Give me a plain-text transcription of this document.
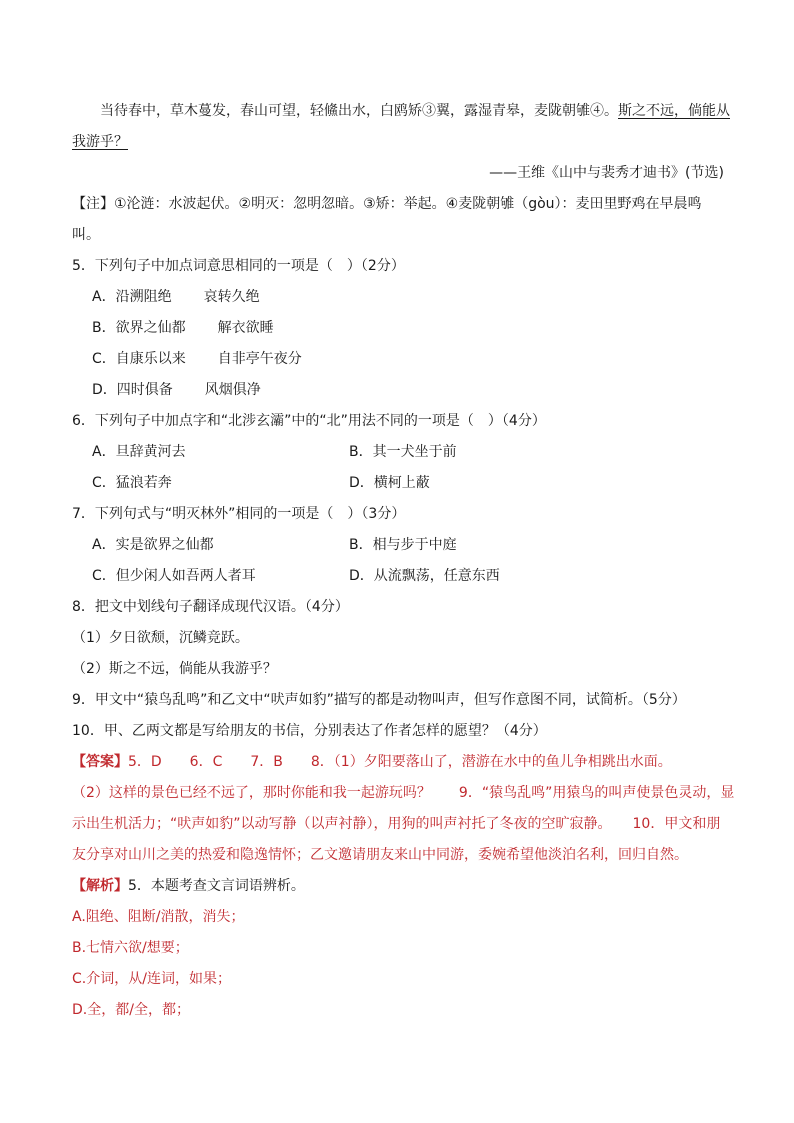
当待春中，草木蔓发，春山可望，轻鯈出水，白鸥矫③翼，露湿青皋，麦陇朝雊④。斯之不远，倘能从
我游乎？
——王维《山中与裴秀才迪书》(节选)
【注】①沦涟：水波起伏。②明灭：忽明忽暗。③矫：举起。④麦陇朝雊（gòu）：麦田里野鸡在早晨鸣
叫。
5．下列句子中加点词意思相同的一项是（　）（2分）
A．沿溯阻绝 哀转久绝
B．欲界之仙都 解衣欲睡
C．自康乐以来 自非亭午夜分
D．四时俱备 风烟俱净
6．下列句子中加点字和“北涉玄灞”中的“北”用法不同的一项是（　）（4分）
A．旦辞黄河去	B．其一犬坐于前
C．猛浪若奔	D．横柯上蔽
7．下列句式与“明灭林外”相同的一项是（　）（3分）
A．实是欲界之仙都	B．相与步于中庭
C．但少闲人如吾两人者耳	D．从流飘荡，任意东西
8．把文中划线句子翻译成现代汉语。（4分）
（1）夕日欲颓，沉鳞竞跃。
（2）斯之不远，倘能从我游乎？
9．甲文中“猿鸟乱鸣”和乙文中“吠声如豹”描写的都是动物叫声，但写作意图不同，试简析。（5分）
10．甲、乙两文都是写给朋友的书信，分别表达了作者怎样的愿望？（4分）
【答案】5．D　　6．C　　7．B　　8．（1）夕阳要落山了，潜游在水中的鱼儿争相跳出水面。
（2）这样的景色已经不远了，那时你能和我一起游玩吗？　　9．“猿鸟乱鸣”用猿鸟的叫声使景色灵动，显
示出生机活力；“吠声如豹”以动写静（以声衬静），用狗的叫声衬托了冬夜的空旷寂静。　　10．甲文和朋
友分享对山川之美的热爱和隐逸情怀；乙文邀请朋友来山中同游，委婉希望他淡泊名利，回归自然。
【解析】5．本题考查文言词语辨析。
A.阻绝、阻断/消散，消失；
B.七情六欲/想要；
C.介词，从/连词，如果；
D.全，都/全，都；
